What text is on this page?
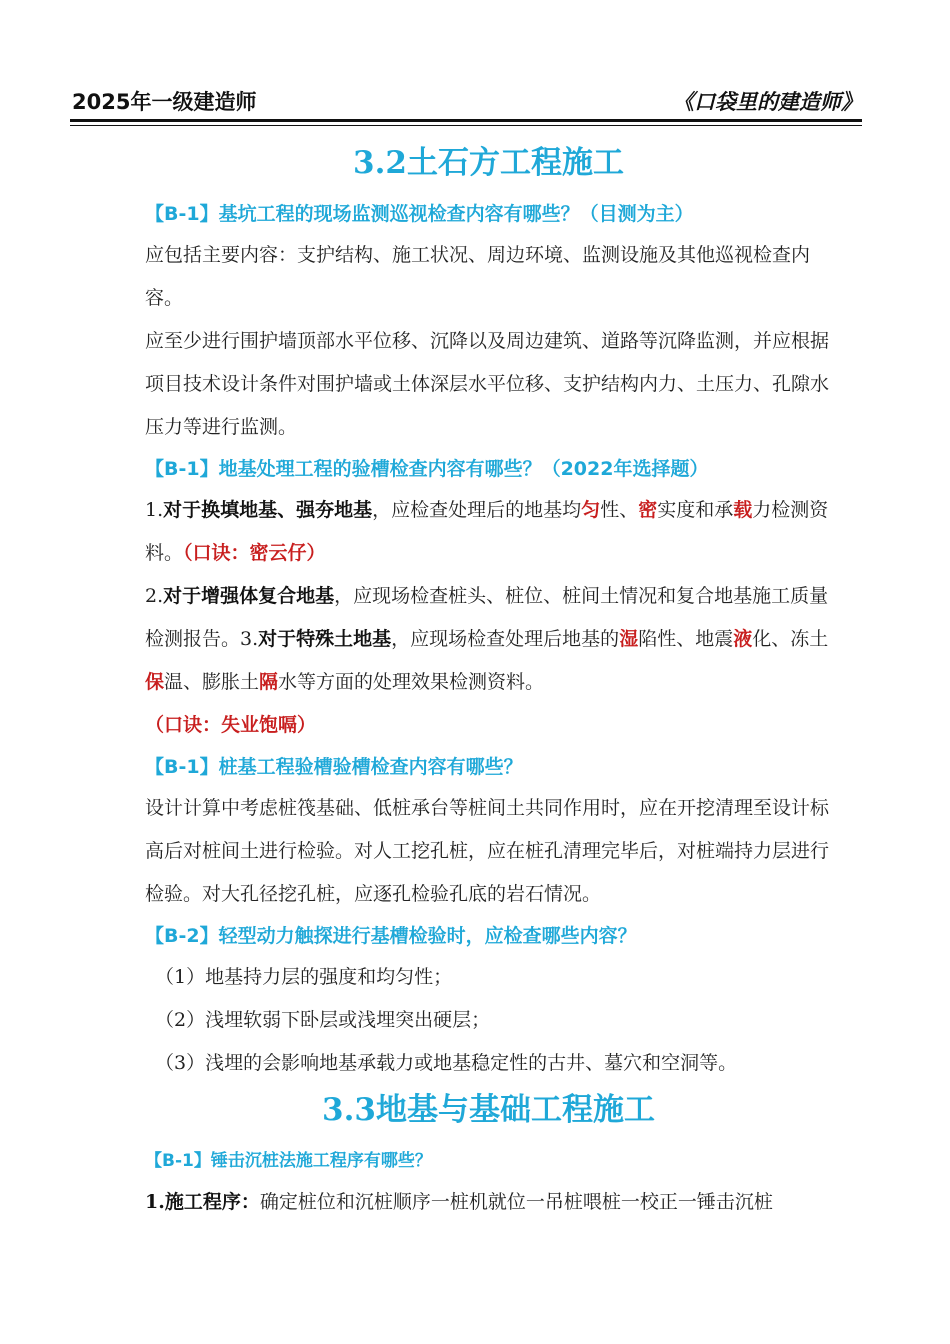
2025年一级建造师	《口袋里的建造师》
3.2土石方工程施工
【B-1】基坑工程的现场监测巡视检查内容有哪些？（目测为主）

应包括主要内容：支护结构、施工状况、周边环境、监测设施及其他巡视检查内容。

应至少进行围护墙顶部水平位移、沉降以及周边建筑、道路等沉降监测，并应根据项目技术设计条件对围护墙或土体深层水平位移、支护结构内力、土压力、孔隙水压力等进行监测。

【B-1】地基处理工程的验槽检查内容有哪些？（2022年选择题）

1.对于换填地基、强夯地基，应检查处理后的地基均匀性、密实度和承载力检测资料。（口诀：密云仔）

2.对于增强体复合地基，应现场检查桩头、桩位、桩间土情况和复合地基施工质量检测报告。3.对于特殊土地基，应现场检查处理后地基的湿陷性、地震液化、冻土保温、膨胀土隔水等方面的处理效果检测资料。

（口诀：失业饱嗝）

【B-1】桩基工程验槽验槽检查内容有哪些？

设计计算中考虑桩筏基础、低桩承台等桩间土共同作用时，应在开挖清理至设计标高后对桩间土进行检验。对人工挖孔桩，应在桩孔清理完毕后，对桩端持力层进行检验。对大孔径挖孔桩，应逐孔检验孔底的岩石情况。

【B-2】轻型动力触探进行基槽检验时，应检查哪些内容？
（1）地基持力层的强度和均匀性；
（2）浅埋软弱下卧层或浅埋突出硬层；
（3）浅埋的会影响地基承载力或地基稳定性的古井、墓穴和空洞等。
3.3地基与基础工程施工
【B-1】锤击沉桩法施工程序有哪些？

1.施工程序：确定桩位和沉桩顺序一桩机就位一吊桩喂桩一校正一锤击沉桩
